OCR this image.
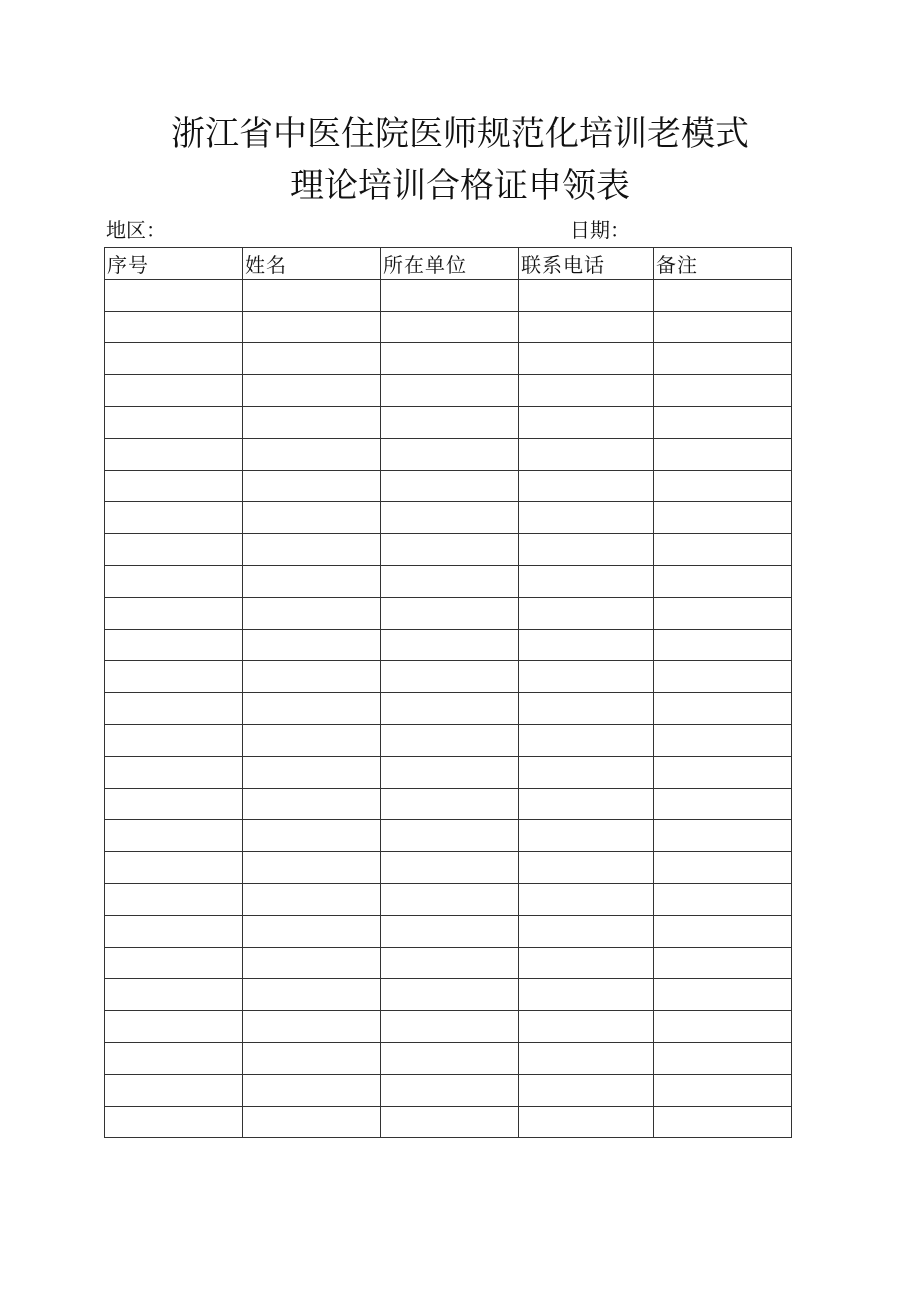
浙江省中医住院医师规范化培训老模式
理论培训合格证申领表
地区：	日期：
序号	姓名	所在单位	联系电话	备注
